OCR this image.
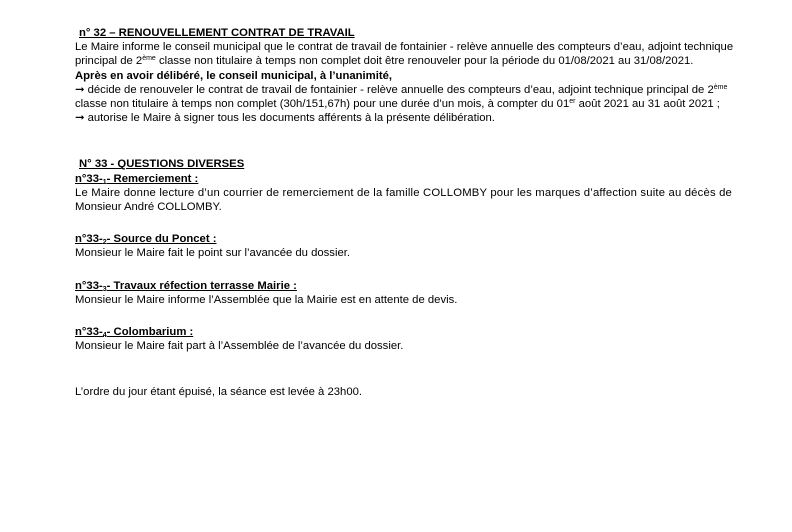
n° 32 – RENOUVELLEMENT CONTRAT DE TRAVAIL
Le Maire informe le conseil municipal que le contrat de travail de fontainier - relève annuelle des compteurs d’eau, adjoint technique
principal de 2ème classe non titulaire à temps non complet doit être renouveler pour la période du 01/08/2021 au 31/08/2021.
Après en avoir délibéré, le conseil municipal, à l’unanimité,
➞ décide de renouveler le contrat de travail de fontainier - relève annuelle des compteurs d’eau, adjoint technique principal de 2ème
classe non titulaire à temps non complet (30h/151,67h) pour une durée d’un mois, à compter du 01er août 2021 au 31 août 2021 ;
➞ autorise le Maire à signer tous les documents afférents à la présente délibération.
N° 33 - QUESTIONS DIVERSES
$n^\circ 33-_1-$ Remerciement :
Le Maire donne lecture d’un courrier de remerciement de la famille COLLOMBY pour les marques d’affection suite au décès de
Monsieur André COLLOMBY.
$n^\circ 33-_2-$ Source du Poncet :
Monsieur le Maire fait le point sur l’avancée du dossier.
$n^\circ 33-_3-$ Travaux réfection terrasse Mairie :
Monsieur le Maire informe l’Assemblée que la Mairie est en attente de devis.
$n^\circ 33-_4-$ Colombarium :
Monsieur le Maire fait part à l’Assemblée de l’avancée du dossier.
L’ordre du jour étant épuisé, la séance est levée à 23h00.
